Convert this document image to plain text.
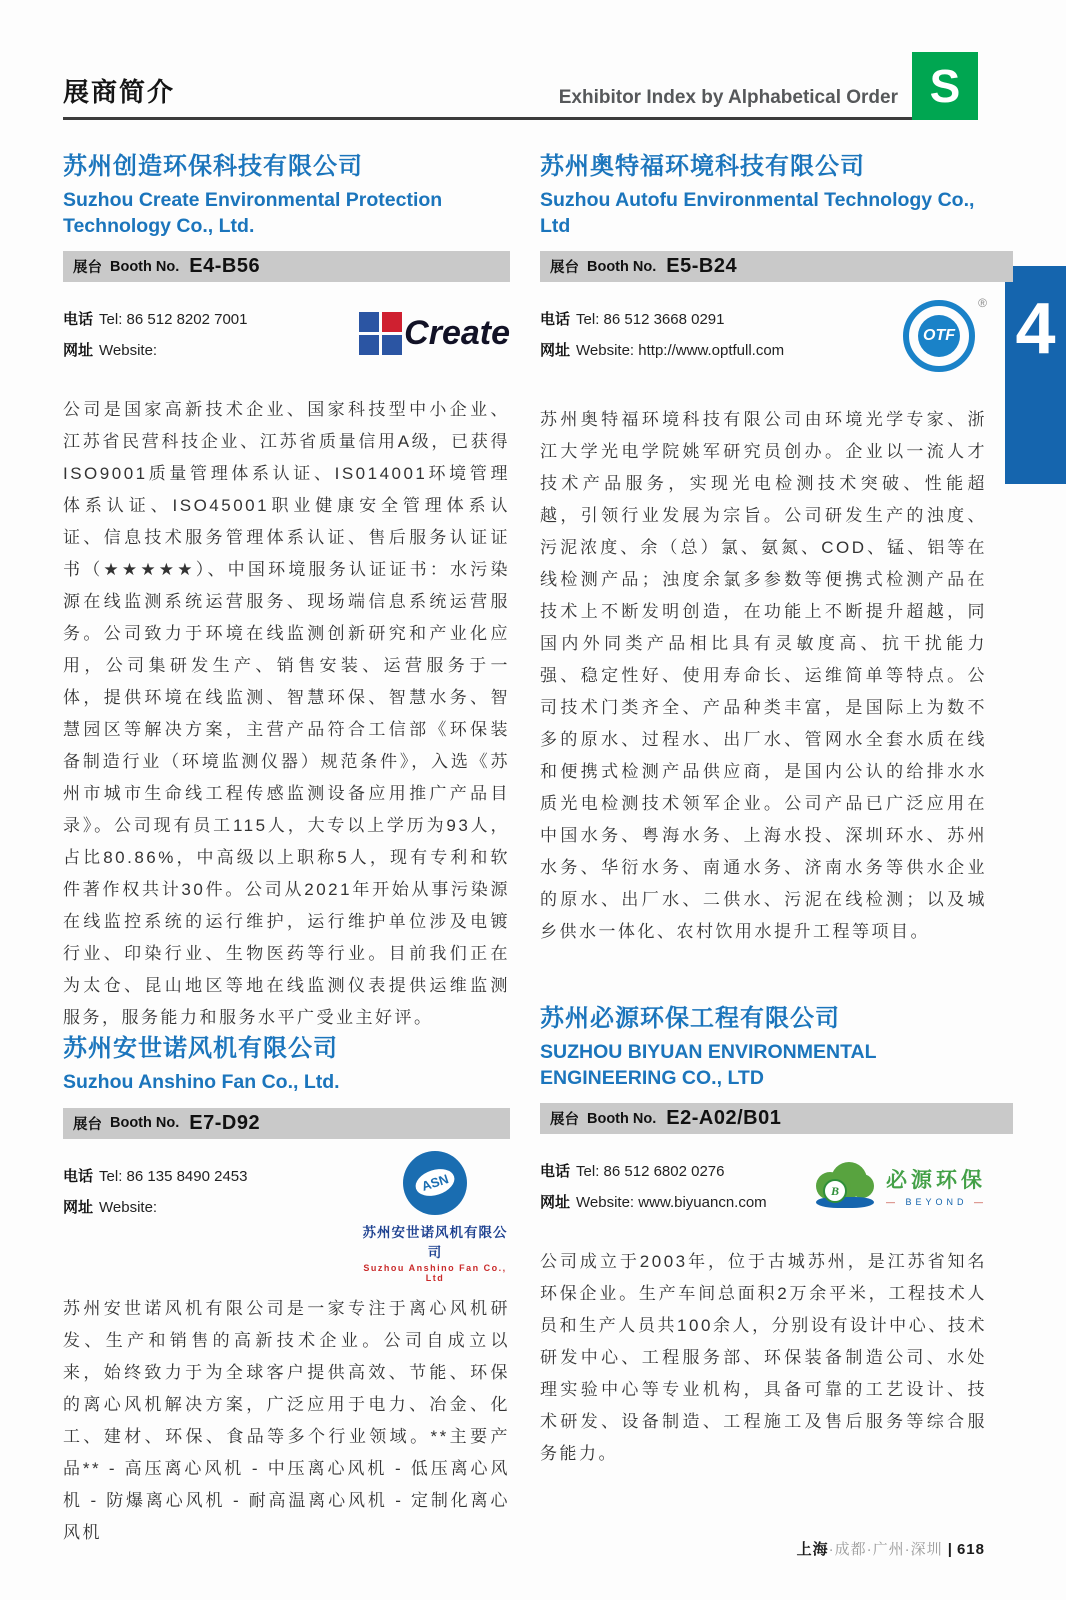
展商简介	Exhibitor Index by Alphabetical Order S
4
苏州创造环保科技有限公司
Suzhou Create Environmental Protection Technology Co., Ltd.
展台 Booth No. E4-B56
电话 Tel: 86 512 8202 7001
网址 Website:	Create
公司是国家高新技术企业、国家科技型中小企业、江苏省民营科技企业、江苏省质量信用A级，已获得ISO9001质量管理体系认证、IS014001环境管理体系认证、ISO45001职业健康安全管理体系认证、信息技术服务管理体系认证、售后服务认证证书（★★★★★）、中国环境服务认证证书：水污染源在线监测系统运营服务、现场端信息系统运营服务。公司致力于环境在线监测创新研究和产业化应用，公司集研发生产、销售安装、运营服务于一体，提供环境在线监测、智慧环保、智慧水务、智慧园区等解决方案，主营产品符合工信部《环保装备制造行业（环境监测仪器）规范条件》，入选《苏州市城市生命线工程传感监测设备应用推广产品目录》。公司现有员工115人，大专以上学历为93人，占比80.86%，中高级以上职称5人，现有专利和软件著作权共计30件。公司从2021年开始从事污染源在线监控系统的运行维护，运行维护单位涉及电镀行业、印染行业、生物医药等行业。目前我们正在为太仓、昆山地区等地在线监测仪表提供运维监测服务，服务能力和服务水平广受业主好评。
苏州奥特福环境科技有限公司
Suzhou Autofu Environmental Technology Co., Ltd
展台 Booth No. E5-B24
电话 Tel: 86 512 3668 0291
网址 Website: http://www.optfull.com
OTF
®
苏州奥特福环境科技有限公司由环境光学专家、浙江大学光电学院姚军研究员创办。企业以一流人才技术产品服务，实现光电检测技术突破、性能超越，引领行业发展为宗旨。公司研发生产的浊度、污泥浓度、余（总）氯、氨氮、COD、锰、铝等在线检测产品；浊度余氯多参数等便携式检测产品在技术上不断发明创造，在功能上不断提升超越，同国内外同类产品相比具有灵敏度高、抗干扰能力强、稳定性好、使用寿命长、运维简单等特点。公司技术门类齐全、产品种类丰富，是国际上为数不多的原水、过程水、出厂水、管网水全套水质在线和便携式检测产品供应商，是国内公认的给排水水质光电检测技术领军企业。公司产品已广泛应用在中国水务、粤海水务、上海水投、深圳环水、苏州水务、华衍水务、南通水务、济南水务等供水企业的原水、出厂水、二供水、污泥在线检测；以及城乡供水一体化、农村饮用水提升工程等项目。
苏州安世诺风机有限公司
Suzhou Anshino Fan Co., Ltd.
展台 Booth No. E7-D92
电话 Tel: 86 135 8490 2453
网址 Website:
ASN
苏州安世诺风机有限公司
Suzhou Anshino Fan Co., Ltd
苏州安世诺风机有限公司是一家专注于离心风机研发、生产和销售的高新技术企业。公司自成立以来，始终致力于为全球客户提供高效、节能、环保的离心风机解决方案，广泛应用于电力、冶金、化工、建材、环保、食品等多个行业领域。**主要产品** - 高压离心风机 - 中压离心风机 - 低压离心风机 - 防爆离心风机 - 耐高温离心风机 - 定制化离心风机
苏州必源环保工程有限公司
SUZHOU BIYUAN ENVIRONMENTAL ENGINEERING CO., LTD
展台 Booth No. E2-A02/B01
电话 Tel: 86 512 6802 0276
网址 Website: www.biyuancn.com
B	必源环保
— BEYOND —
公司成立于2003年，位于古城苏州，是江苏省知名环保企业。生产车间总面积2万余平米，工程技术人员和生产人员共100余人，分别设有设计中心、技术研发中心、工程服务部、环保装备制造公司、水处理实验中心等专业机构，具备可靠的工艺设计、技术研发、设备制造、工程施工及售后服务等综合服务能力。
上海·成都·广州·深圳 | 618
